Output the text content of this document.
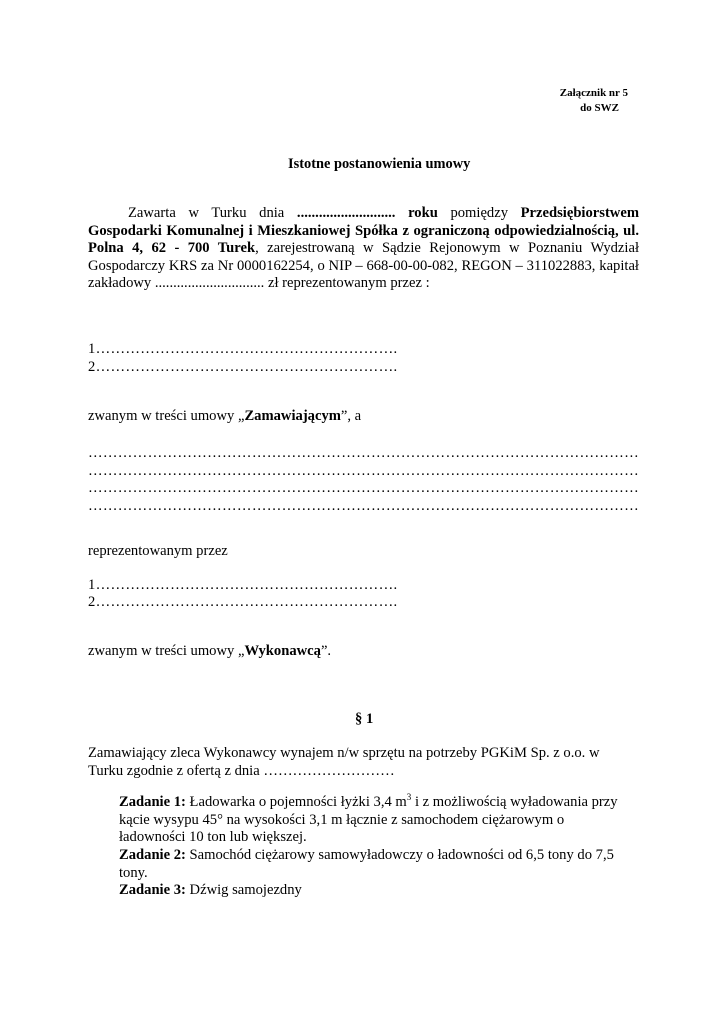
Załącznik nr 5
do SWZ
Istotne postanowienia umowy
Zawarta w Turku dnia ........................... roku pomiędzy Przedsiębiorstwem
Gospodarki Komunalnej i Mieszkaniowej Spółka z ograniczoną odpowiedzialnością, ul.
Polna 4, 62 - 700 Turek, zarejestrowaną w Sądzie Rejonowym w Poznaniu Wydział
Gospodarczy KRS za Nr 0000162254, o NIP – 668-00-00-082, REGON – 311022883, kapitał
zakładowy .............................. zł reprezentowanym przez :
1…………………………………………………….
2…………………………………………………….
zwanym w treści umowy „Zamawiającym”, a
…………………………………………………………………………………………………
…………………………………………………………………………………………………
…………………………………………………………………………………………………
…………………………………………………………………………………………………
reprezentowanym przez
1…………………………………………………….
2…………………………………………………….
zwanym w treści umowy „Wykonawcą”.
§ 1
Zamawiający zleca Wykonawcy wynajem n/w sprzętu na potrzeby PGKiM Sp. z o.o. w
Turku zgodnie z ofertą z dnia ………………………
Zadanie 1: Ładowarka o pojemności łyżki 3,4 $m^3$ i z możliwością wyładowania przy
kącie wysypu 45° na wysokości 3,1 m łącznie z samochodem ciężarowym o
ładowności 10 ton lub większej.
Zadanie 2: Samochód ciężarowy samowyładowczy o ładowności od 6,5 tony do 7,5
tony.
Zadanie 3: Dźwig samojezdny
